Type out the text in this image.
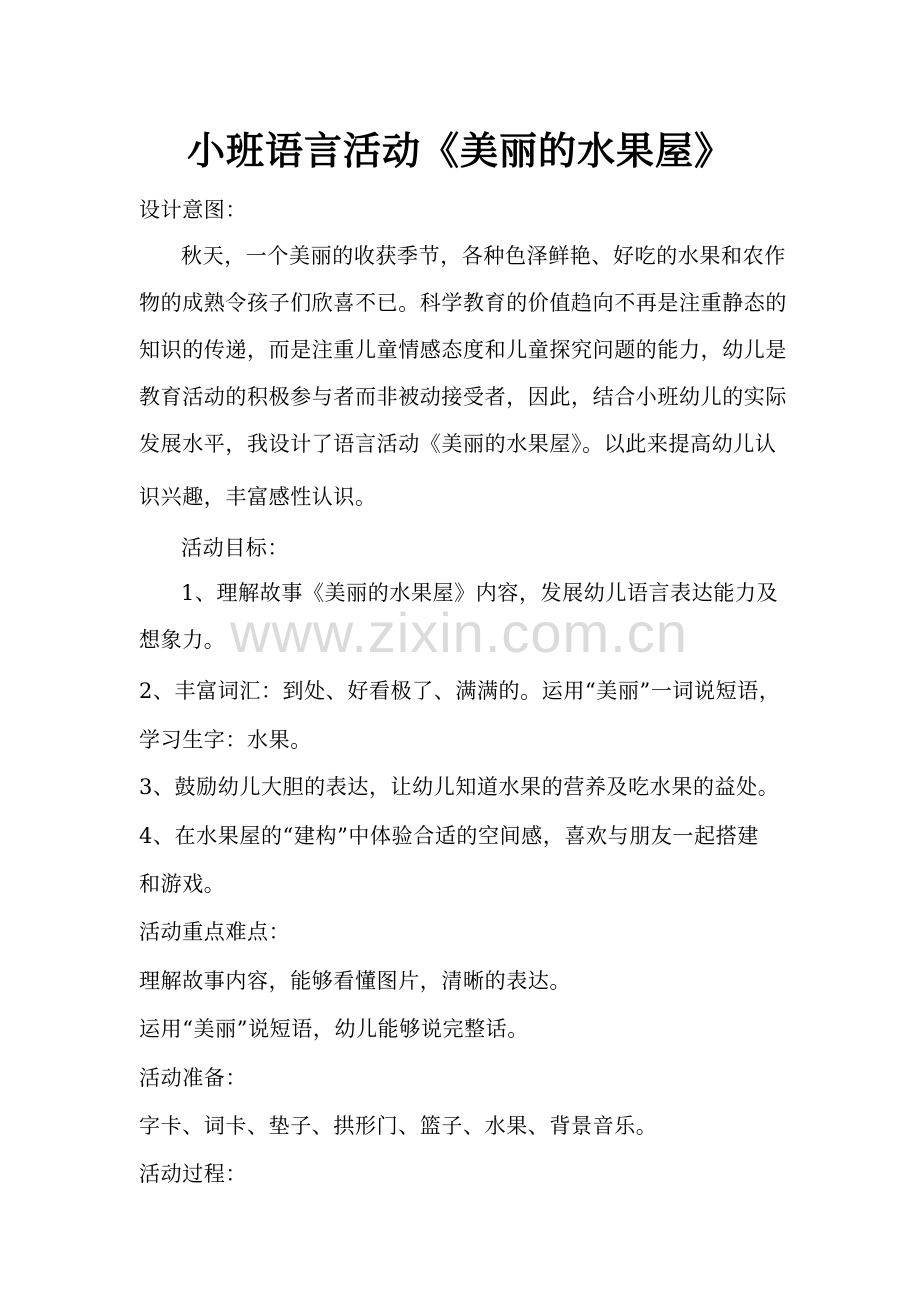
小班语言活动《美丽的水果屋》
设计意图：
秋天，一个美丽的收获季节，各种色泽鲜艳、好吃的水果和农作
物的成熟令孩子们欣喜不已。科学教育的价值趋向不再是注重静态的
知识的传递，而是注重儿童情感态度和儿童探究问题的能力，幼儿是
教育活动的积极参与者而非被动接受者，因此，结合小班幼儿的实际
发展水平，我设计了语言活动《美丽的水果屋》。以此来提高幼儿认
识兴趣，丰富感性认识。
活动目标：
1、理解故事《美丽的水果屋》内容，发展幼儿语言表达能力及
想象力。
2、丰富词汇：到处、好看极了、满满的。运用“美丽”一词说短语，
学习生字：水果。
3、鼓励幼儿大胆的表达，让幼儿知道水果的营养及吃水果的益处。
4、在水果屋的“建构”中体验合适的空间感，喜欢与朋友一起搭建
和游戏。
活动重点难点：
理解故事内容，能够看懂图片，清晰的表达。
运用“美丽”说短语，幼儿能够说完整话。
活动准备：
字卡、词卡、垫子、拱形门、篮子、水果、背景音乐。
活动过程：
www.zixin.com.cn
